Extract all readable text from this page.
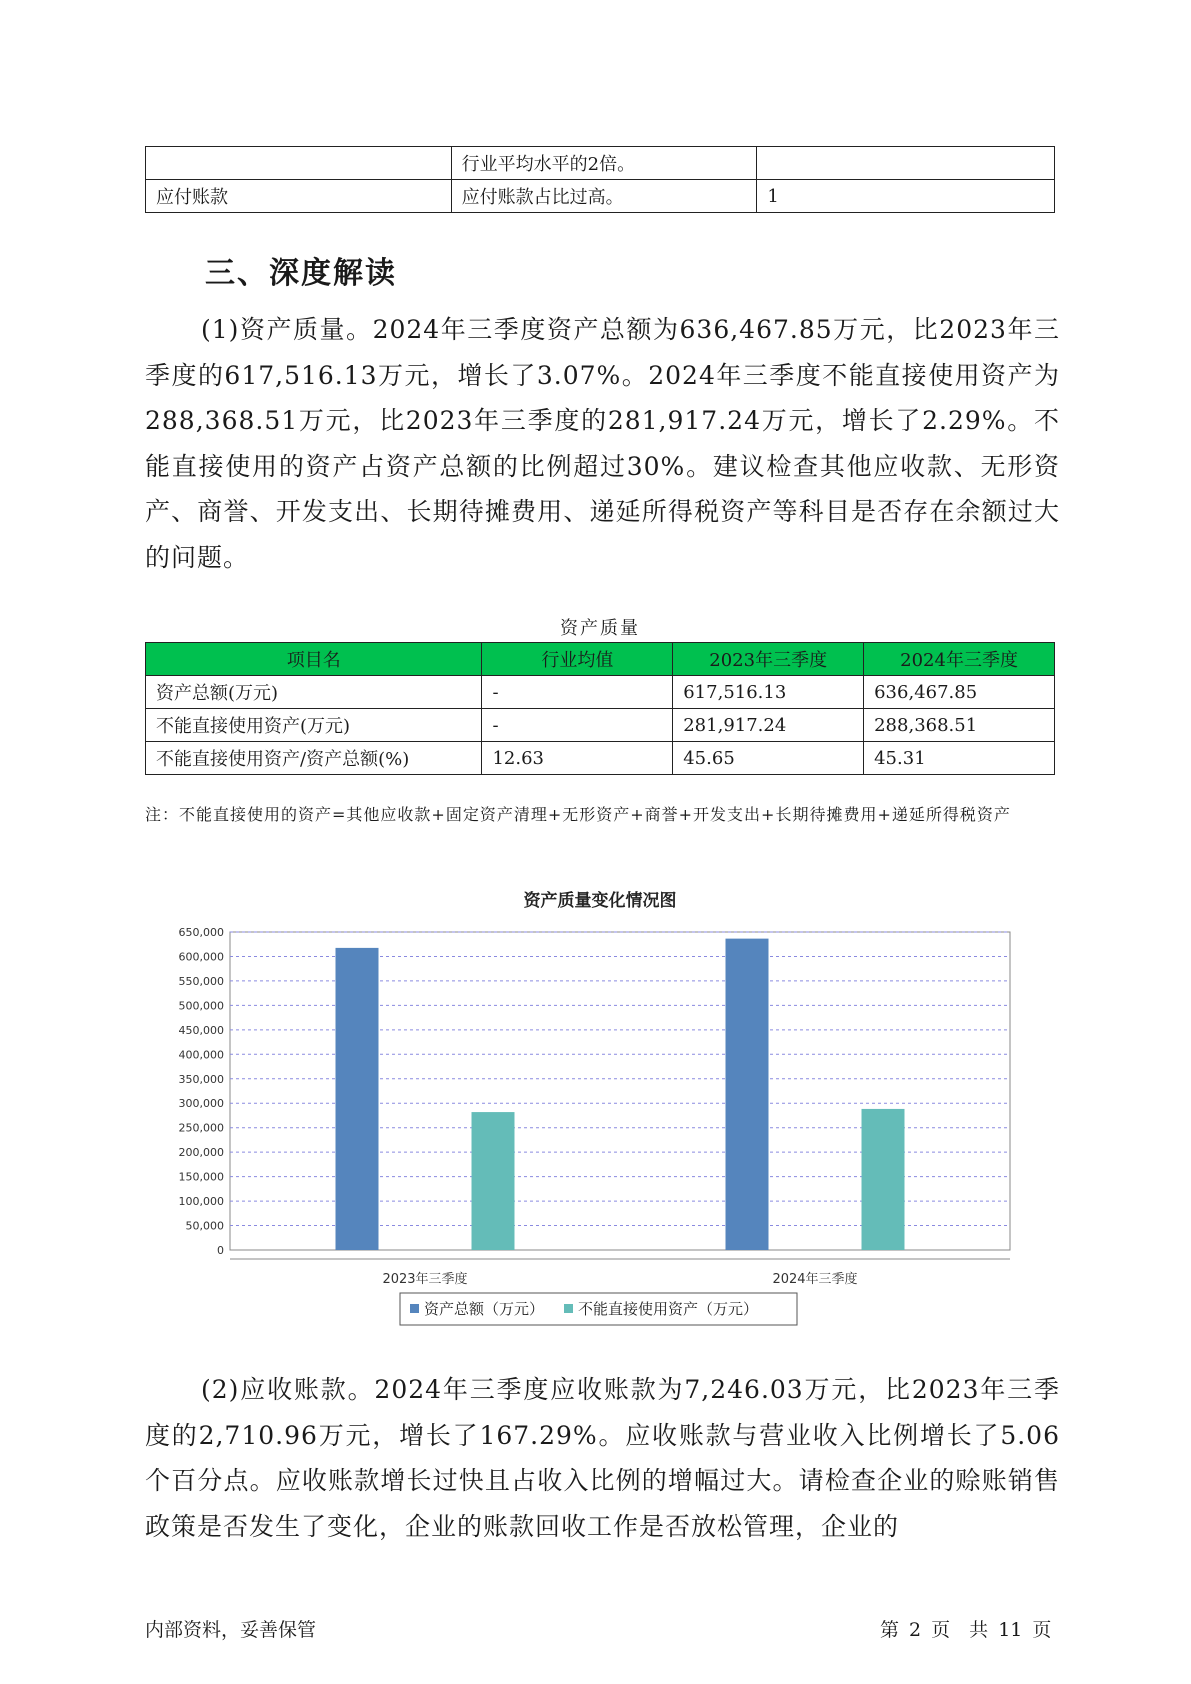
	行业平均水平的2倍。	
应付账款	应付账款占比过高。	1
三、深度解读
(1)资产质量。2024年三季度资产总额为636,467.85万元，比2023年三季度的617,516.13万元，增长了3.07%。2024年三季度不能直接使用资产为288,368.51万元，比2023年三季度的281,917.24万元，增长了2.29%。不能直接使用的资产占资产总额的比例超过30%。建议检查其他应收款、无形资产、商誉、开发支出、长期待摊费用、递延所得税资产等科目是否存在余额过大的问题。
资产质量
项目名	行业均值	2023年三季度	2024年三季度
资产总额(万元)	-	617,516.13	636,467.85
不能直接使用资产(万元)	-	281,917.24	288,368.51
不能直接使用资产/资产总额(%)	12.63	45.65	45.31
注：不能直接使用的资产=其他应收款+固定资产清理+无形资产+商誉+开发支出+长期待摊费用+递延所得税资产
资产质量变化情况图
0
50,000
100,000
150,000
200,000
250,000
300,000
350,000
400,000
450,000
500,000
550,000
600,000
650,000
2023年三季度	2024年三季度
资产总额（万元） 不能直接使用资产（万元）
(2)应收账款。2024年三季度应收账款为7,246.03万元，比2023年三季度的2,710.96万元，增长了167.29%。应收账款与营业收入比例增长了5.06个百分点。应收账款增长过快且占收入比例的增幅过大。请检查企业的赊账销售政策是否发生了变化，企业的账款回收工作是否放松管理，企业的
内部资料，妥善保管	第 2 页　共 11 页
